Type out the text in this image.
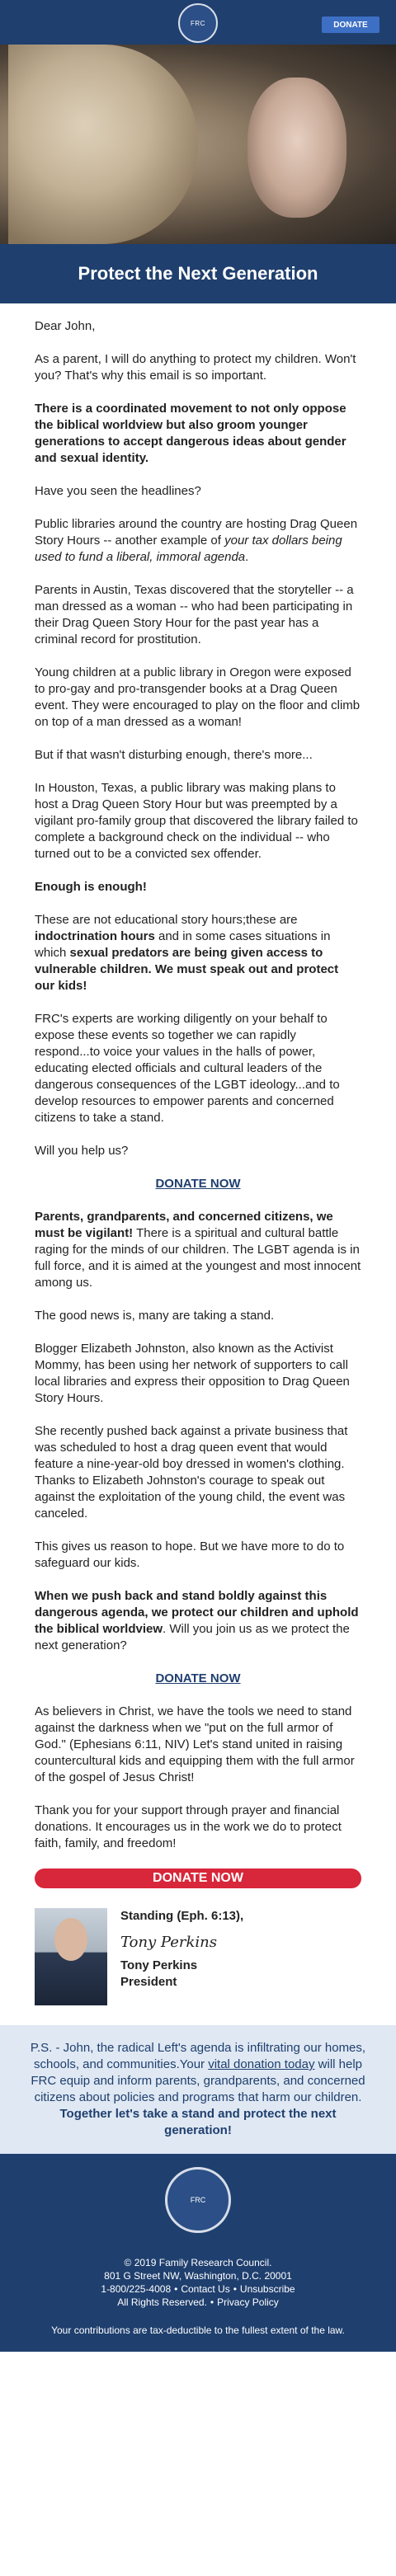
FRC	DONATE
Protect the Next Generation

Dear John,

As a parent, I will do anything to protect my children. Won't you? That's why this email is so important.

There is a coordinated movement to not only oppose the biblical worldview but also groom younger generations to accept dangerous ideas about gender and sexual identity.

Have you seen the headlines?

Public libraries around the country are hosting Drag Queen Story Hours -- another example of your tax dollars being used to fund a liberal, immoral agenda.

Parents in Austin, Texas discovered that the storyteller -- a man dressed as a woman -- who had been participating in their Drag Queen Story Hour for the past year has a criminal record for prostitution.

Young children at a public library in Oregon were exposed to pro-gay and pro-transgender books at a Drag Queen event. They were encouraged to play on the floor and climb on top of a man dressed as a woman!

But if that wasn't disturbing enough, there's more...

In Houston, Texas, a public library was making plans to host a Drag Queen Story Hour but was preempted by a vigilant pro-family group that discovered the library failed to complete a background check on the individual -- who turned out to be a convicted sex offender.

Enough is enough!

These are not educational story hours;these are indoctrination hours and in some cases situations in which sexual predators are being given access to vulnerable children. We must speak out and protect our kids!

FRC's experts are working diligently on your behalf to expose these events so together we can rapidly respond...to voice your values in the halls of power, educating elected officials and cultural leaders of the dangerous consequences of the LGBT ideology...and to develop resources to empower parents and concerned citizens to take a stand.

Will you help us?

DONATE NOW

Parents, grandparents, and concerned citizens, we must be vigilant! There is a spiritual and cultural battle raging for the minds of our children. The LGBT agenda is in full force, and it is aimed at the youngest and most innocent among us.

The good news is, many are taking a stand.

Blogger Elizabeth Johnston, also known as the Activist Mommy, has been using her network of supporters to call local libraries and express their opposition to Drag Queen Story Hours.

She recently pushed back against a private business that was scheduled to host a drag queen event that would feature a nine-year-old boy dressed in women's clothing. Thanks to Elizabeth Johnston's courage to speak out against the exploitation of the young child, the event was canceled.

This gives us reason to hope. But we have more to do to safeguard our kids.

When we push back and stand boldly against this dangerous agenda, we protect our children and uphold the biblical worldview. Will you join us as we protect the next generation?

DONATE NOW

As believers in Christ, we have the tools we need to stand against the darkness when we "put on the full armor of God." (Ephesians 6:11, NIV) Let's stand united in raising countercultural kids and equipping them with the full armor of the gospel of Jesus Christ!

Thank you for your support through prayer and financial donations. It encourages us in the work we do to protect faith, family, and freedom!

DONATE NOW
Standing (Eph. 6:13),
Tony Perkins
Tony Perkins
President
P.S. - John, the radical Left's agenda is infiltrating our homes, schools, and communities.Your vital donation today will help FRC equip and inform parents, grandparents, and concerned citizens about policies and programs that harm our children. Together let's take a stand and protect the next generation!
FRC
© 2019 Family Research Council.
801 G Street NW, Washington, D.C. 20001
1-800/225-4008 • Contact Us • Unsubscribe
All Rights Reserved. • Privacy Policy
Your contributions are tax-deductible to the fullest extent of the law.
